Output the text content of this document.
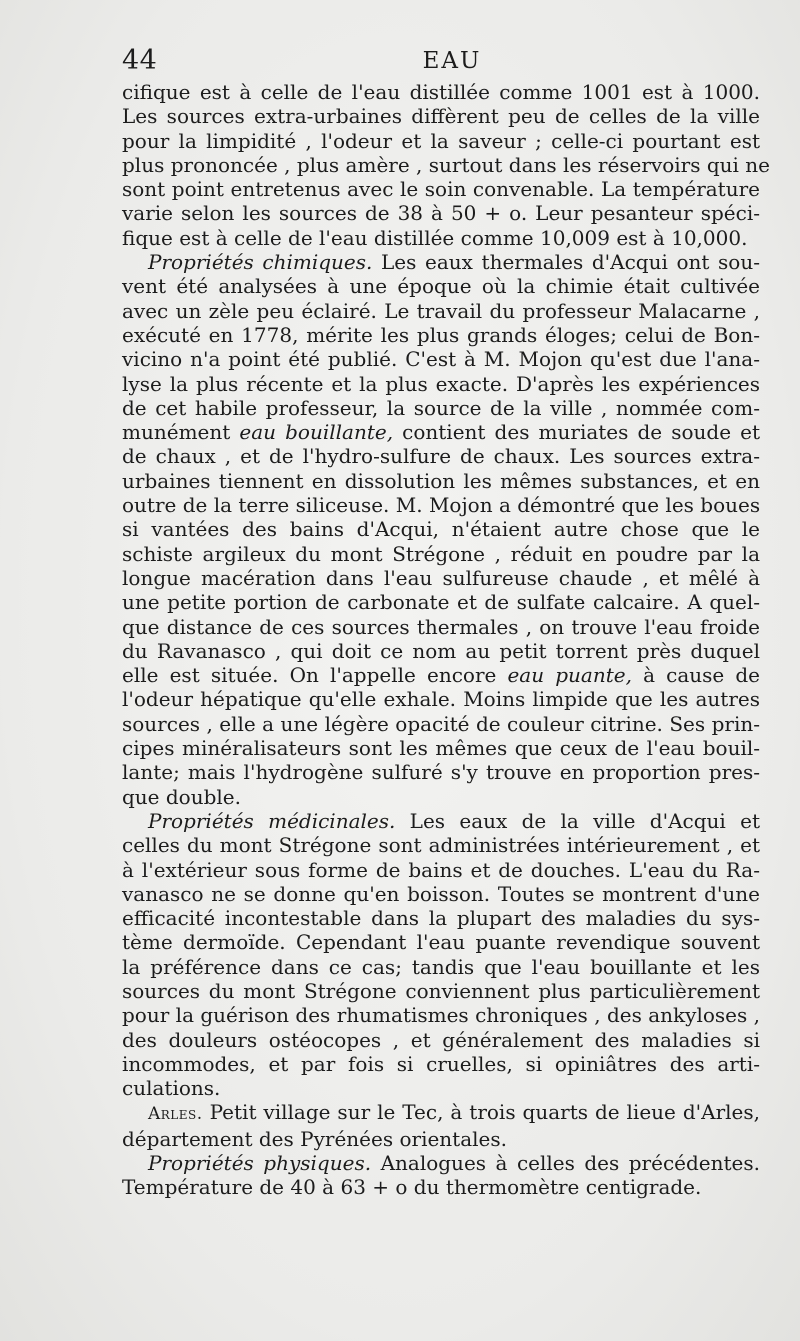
44	EAU

cifique est à celle de l'eau distillée comme 1001 est à 1000.
Les sources extra-urbaines diffèrent peu de celles de la ville
pour la limpidité , l'odeur et la saveur ; celle-ci pourtant est
plus prononcée , plus amère , surtout dans les réservoirs qui ne
sont point entretenus avec le soin convenable. La température
varie selon les sources de 38 à 50 + o. Leur pesanteur spéci-
fique est à celle de l'eau distillée comme 10,009 est à 10,000.

Propriétés chimiques. Les eaux thermales d'Acqui ont sou-
vent été analysées à une époque où la chimie était cultivée
avec un zèle peu éclairé. Le travail du professeur Malacarne ,
exécuté en 1778, mérite les plus grands éloges; celui de Bon-
vicino n'a point été publié. C'est à M. Mojon qu'est due l'ana-
lyse la plus récente et la plus exacte. D'après les expériences
de cet habile professeur, la source de la ville , nommée com-
munément eau bouillante, contient des muriates de soude et
de chaux , et de l'hydro-sulfure de chaux. Les sources extra-
urbaines tiennent en dissolution les mêmes substances, et en
outre de la terre siliceuse. M. Mojon a démontré que les boues
si vantées des bains d'Acqui, n'étaient autre chose que le
schiste argileux du mont Strégone , réduit en poudre par la
longue macération dans l'eau sulfureuse chaude , et mêlé à
une petite portion de carbonate et de sulfate calcaire. A quel-
que distance de ces sources thermales , on trouve l'eau froide
du Ravanasco , qui doit ce nom au petit torrent près duquel
elle est située. On l'appelle encore eau puante, à cause de
l'odeur hépatique qu'elle exhale. Moins limpide que les autres
sources , elle a une légère opacité de couleur citrine. Ses prin-
cipes minéralisateurs sont les mêmes que ceux de l'eau bouil-
lante; mais l'hydrogène sulfuré s'y trouve en proportion pres-
que double.

Propriétés médicinales. Les eaux de la ville d'Acqui et
celles du mont Strégone sont administrées intérieurement , et
à l'extérieur sous forme de bains et de douches. L'eau du Ra-
vanasco ne se donne qu'en boisson. Toutes se montrent d'une
efficacité incontestable dans la plupart des maladies du sys-
tème dermoïde. Cependant l'eau puante revendique souvent
la préférence dans ce cas; tandis que l'eau bouillante et les
sources du mont Strégone conviennent plus particulièrement
pour la guérison des rhumatismes chroniques , des ankyloses ,
des douleurs ostéocopes , et généralement des maladies si
incommodes, et par fois si cruelles, si opiniâtres des arti-
culations.

Arles. Petit village sur le Tec, à trois quarts de lieue d'Arles,
département des Pyrénées orientales.

Propriétés physiques. Analogues à celles des précédentes.
Température de 40 à 63 + o du thermomètre centigrade.
